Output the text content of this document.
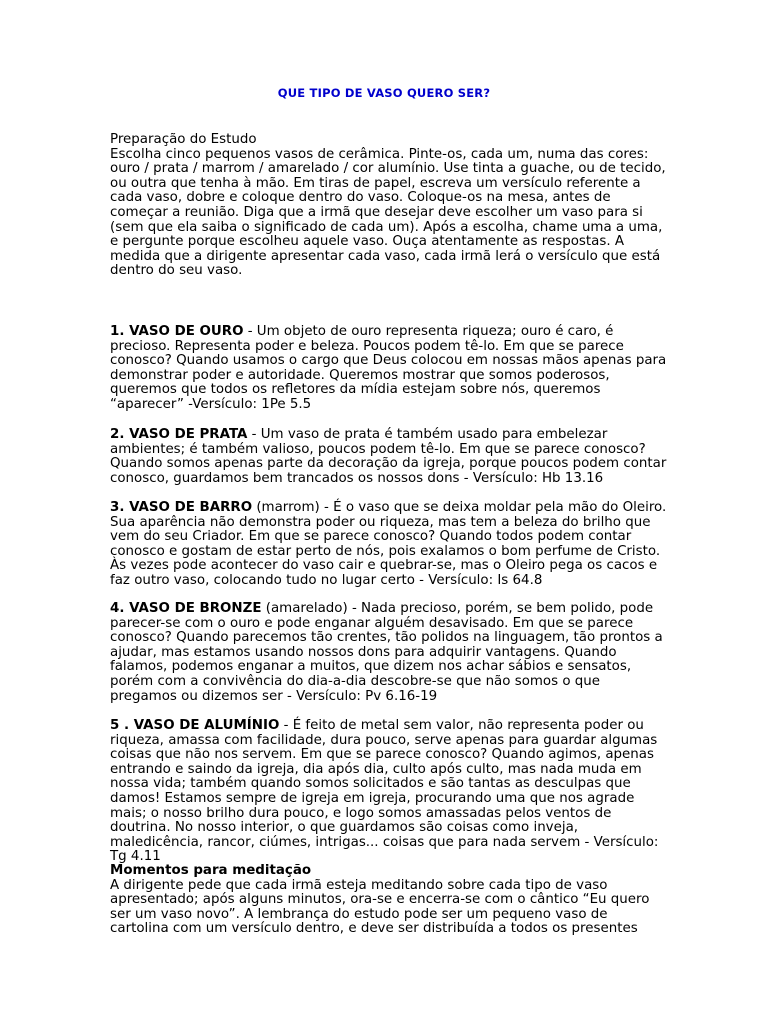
QUE TIPO DE VASO QUERO SER?

Preparação do Estudo

Escolha cinco pequenos vasos de cerâmica. Pinte-os, cada um, numa das cores: ouro / prata / marrom / amarelado / cor alumínio. Use tinta a guache, ou de tecido, ou outra que tenha à mão. Em tiras de papel, escreva um versículo referente a cada vaso, dobre e coloque dentro do vaso. Coloque-os na mesa, antes de começar a reunião. Diga que a irmã que desejar deve escolher um vaso para si (sem que ela saiba o significado de cada um). Após a escolha, chame uma a uma, e pergunte porque escolheu aquele vaso. Ouça atentamente as respostas. A medida que a dirigente apresentar cada vaso, cada irmã lerá o versículo que está dentro do seu vaso.

1. VASO DE OURO - Um objeto de ouro representa riqueza; ouro é caro, é precioso. Representa poder e beleza. Poucos podem tê-lo. Em que se parece conosco? Quando usamos o cargo que Deus colocou em nossas mãos apenas para demonstrar poder e autoridade. Queremos mostrar que somos poderosos, queremos que todos os refletores da mídia estejam sobre nós, queremos “aparecer” -Versículo: 1Pe 5.5

2. VASO DE PRATA - Um vaso de prata é também usado para embelezar ambientes; é também valioso, poucos podem tê-lo. Em que se parece conosco? Quando somos apenas parte da decoração da igreja, porque poucos podem contar conosco, guardamos bem trancados os nossos dons - Versículo: Hb 13.16

3. VASO DE BARRO (marrom) - É o vaso que se deixa moldar pela mão do Oleiro. Sua aparência não demonstra poder ou riqueza, mas tem a beleza do brilho que vem do seu Criador. Em que se parece conosco? Quando todos podem contar conosco e gostam de estar perto de nós, pois exalamos o bom perfume de Cristo. Às vezes pode acontecer do vaso cair e quebrar-se, mas o Oleiro pega os cacos e faz outro vaso, colocando tudo no lugar certo - Versículo: Is 64.8

4. VASO DE BRONZE (amarelado) - Nada precioso, porém, se bem polido, pode parecer-se com o ouro e pode enganar alguém desavisado. Em que se parece conosco? Quando parecemos tão crentes, tão polidos na linguagem, tão prontos a ajudar, mas estamos usando nossos dons para adquirir vantagens. Quando falamos, podemos enganar a muitos, que dizem nos achar sábios e sensatos, porém com a convivência do dia-a-dia descobre-se que não somos o que pregamos ou dizemos ser - Versículo: Pv 6.16-19

5 . VASO DE ALUMÍNIO - É feito de metal sem valor, não representa poder ou riqueza, amassa com facilidade, dura pouco, serve apenas para guardar algumas coisas que não nos servem. Em que se parece conosco? Quando agimos, apenas entrando e saindo da igreja, dia após dia, culto após culto, mas nada muda em nossa vida; também quando somos solicitados e são tantas as desculpas que damos! Estamos sempre de igreja em igreja, procurando uma que nos agrade mais; o nosso brilho dura pouco, e logo somos amassadas pelos ventos de doutrina. No nosso interior, o que guardamos são coisas como inveja, maledicência, rancor, ciúmes, intrigas... coisas que para nada servem - Versículo: Tg 4.11

Momentos para meditação

A dirigente pede que cada irmã esteja meditando sobre cada tipo de vaso apresentado; após alguns minutos, ora-se e encerra-se com o cântico “Eu quero ser um vaso novo”. A lembrança do estudo pode ser um pequeno vaso de cartolina com um versículo dentro, e deve ser distribuída a todos os presentes
